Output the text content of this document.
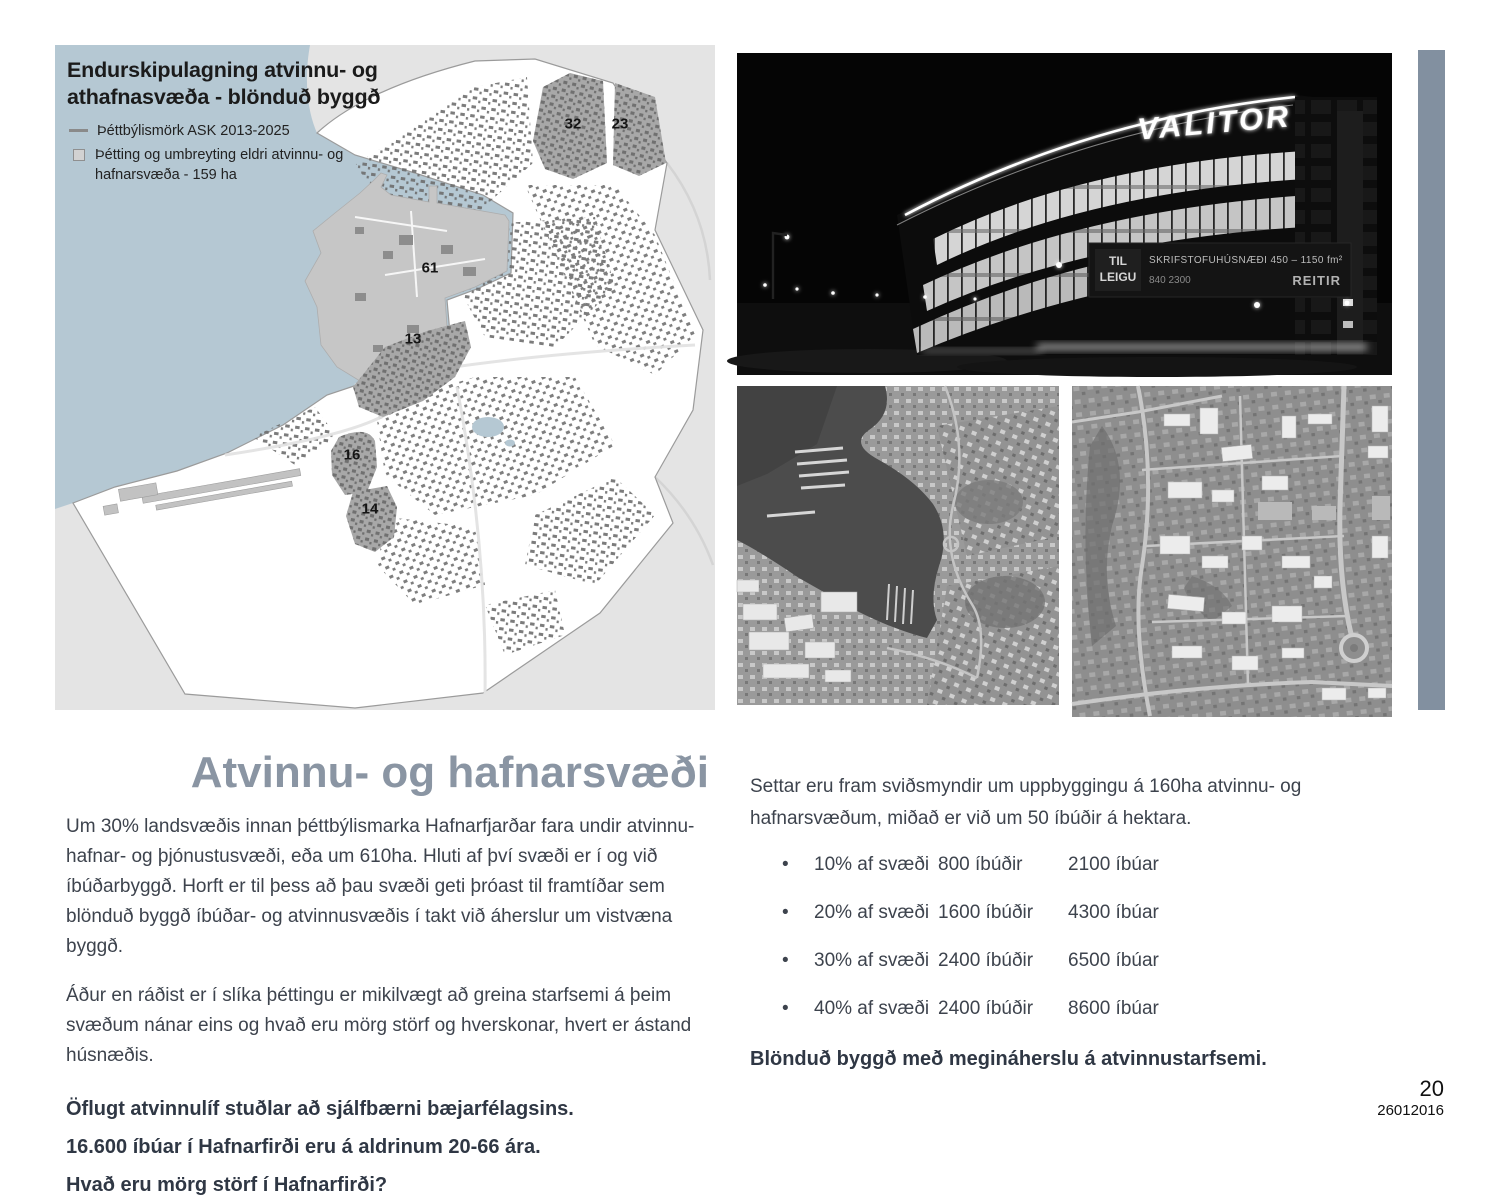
Endurskipulagning atvinnu- og
athafnasvæða - blönduð byggð
Þéttbýlismörk ASK 2013-2025
Þétting og umbreyting eldri atvinnu- og
hafnarsvæða - 159 ha
32 23
61
13
16
14
VALITOR
TIL
LEIGU
SKRIFSTOFUHÚSNÆÐI 450 – 1150 fm²
840 2300	REITIR
Atvinnu- og hafnarsvæði

Um 30% landsvæðis innan þéttbýlismarka Hafnarfjarðar fara undir atvinnu- hafnar- og þjónustusvæði, eða um 610ha. Hluti af því svæði er í og við íbúðarbyggð. Horft er til þess að þau svæði geti þróast til framtíðar sem blönduð byggð íbúðar- og atvinnusvæðis í takt við áherslur um vistvæna byggð.

Áður en ráðist er í slíka þéttingu er mikilvægt að greina starfsemi á þeim svæðum nánar eins og hvað eru mörg störf og hverskonar, hvert er ástand húsnæðis.

Öflugt atvinnulíf stuðlar að sjálfbærni bæjarfélagsins.
16.600 íbúar í Hafnarfirði eru á aldrinum 20-66 ára.
Hvað eru mörg störf í Hafnarfirði?

Settar eru fram sviðsmyndir um uppbyggingu á 160ha atvinnu- og hafnarsvæðum, miðað er við um 50 íbúðir á hektara.

• 10% af svæði 800 íbúðir 2100 íbúar
• 20% af svæði 1600 íbúðir 4300 íbúar
• 30% af svæði 2400 íbúðir 6500 íbúar
• 40% af svæði 2400 íbúðir 8600 íbúar

Blönduð byggð með megináherslu á atvinnustarfsemi.

20
26012016
